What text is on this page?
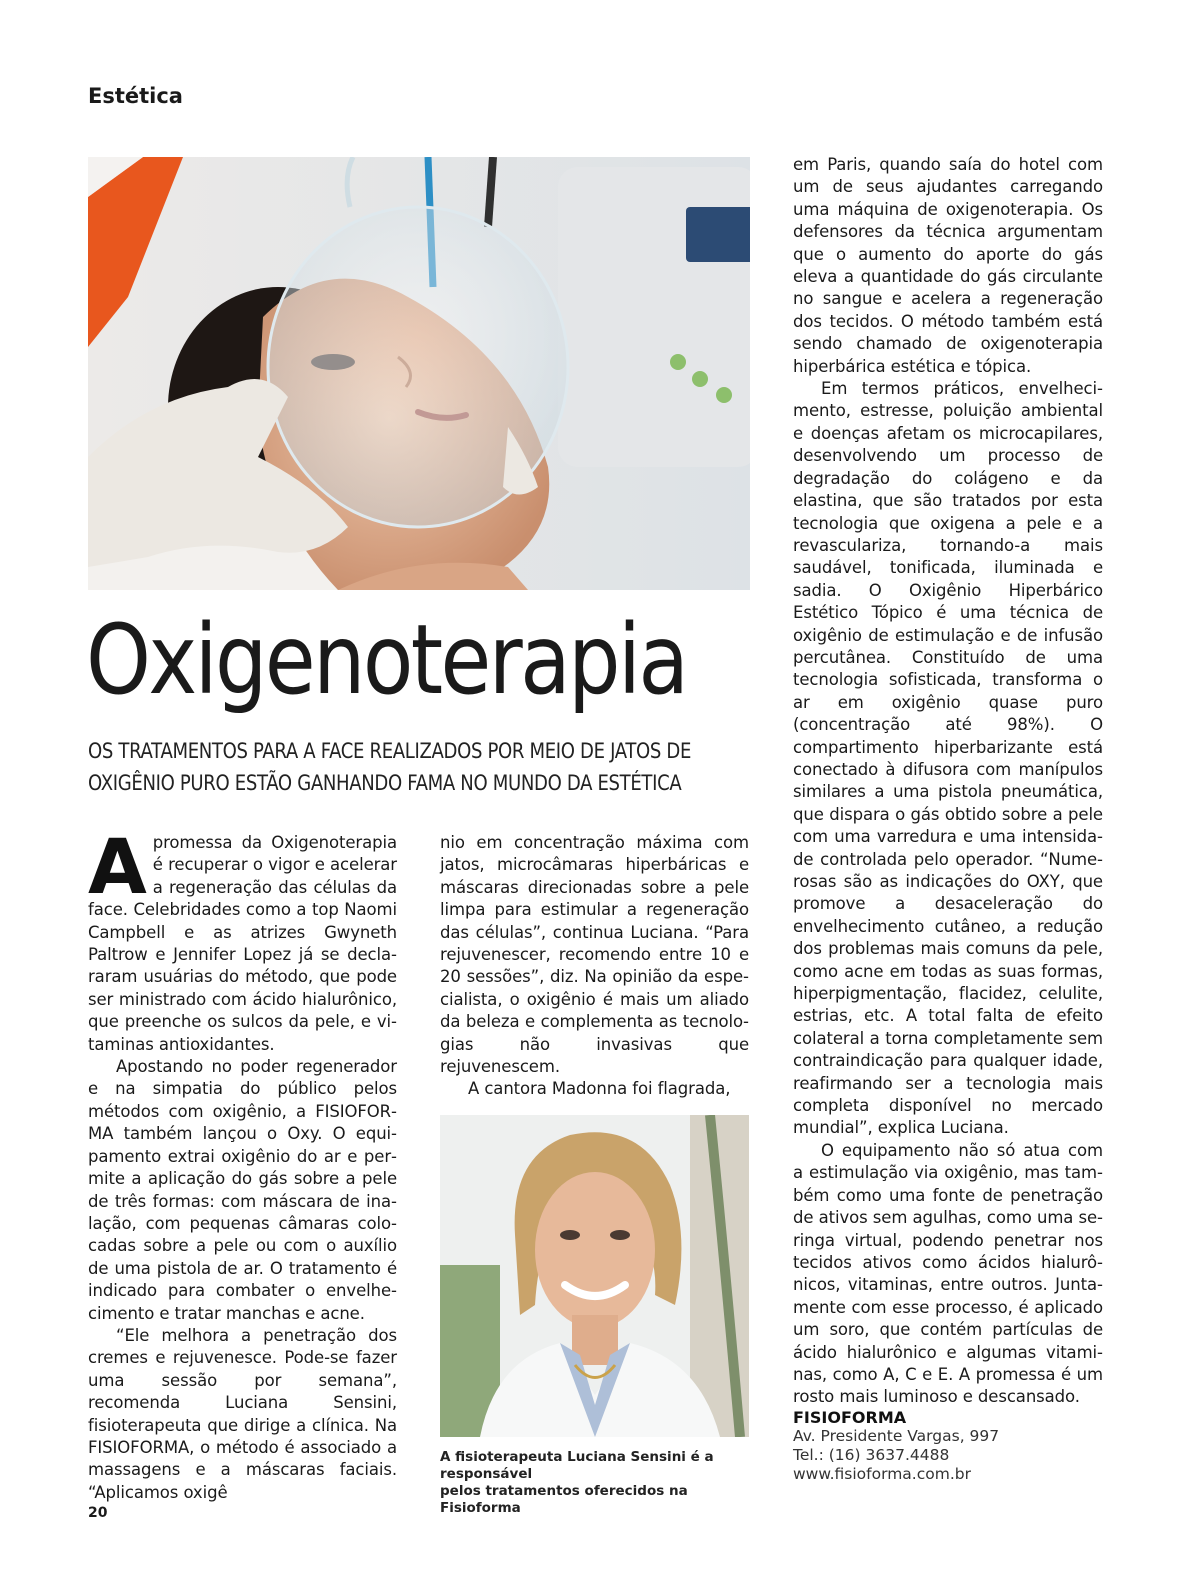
Estética
Oxigenoterapia
OS TRATAMENTOS PARA A FACE REALIZADOS POR MEIO DE JATOS DE
OXIGÊNIO PURO ESTÃO GANHANDO FAMA NO MUNDO DA ESTÉTICA

Apromessa da Oxigenoterapia é recuperar o vigor e acelerar a regeneração das células da face. Celebridades como a top Naomi Campbell e as atrizes Gwyneth Paltrow e Jennifer Lopez já se declararam usuárias do método, que pode ser ministrado com ácido hialurônico, que preenche os sulcos da pele, e vitaminas antioxidantes.

Apostando no poder regenerador e na simpatia do público pelos métodos com oxigênio, a FISIOFORMA também lançou o Oxy. O equipamento extrai oxigênio do ar e permite a aplicação do gás sobre a pele de três formas: com máscara de inalação, com pequenas câmaras colocadas sobre a pele ou com o auxílio de uma pistola de ar. O tratamento é indicado para combater o envelhecimento e tratar manchas e acne.

“Ele melhora a penetração dos cremes e rejuvenesce. Pode-se fazer uma sessão por semana”, recomenda Luciana Sensini, fisioterapeuta que dirige a clínica. Na FISIOFORMA, o método é associado a massagens e a máscaras faciais. “Aplicamos oxigê

nio em concentração máxima com jatos, microcâmaras hiperbáricas e máscaras direcionadas sobre a pele limpa para estimular a regeneração das células”, continua Luciana. “Para rejuvenescer, recomendo entre 10 e 20 sessões”, diz. Na opinião da especialista, o oxigênio é mais um aliado da beleza e complementa as tecnologias não invasivas que rejuvenescem.

A cantora Madonna foi flagrada,

A fisioterapeuta Luciana Sensini é a responsável
pelos tratamentos oferecidos na Fisioforma

em Paris, quando saía do hotel com um de seus ajudantes carregando uma máquina de oxigenoterapia. Os defensores da técnica argumentam que o aumento do aporte do gás eleva a quantidade do gás circulante no sangue e acelera a regeneração dos tecidos. O método também está sendo chamado de oxigenoterapia hiperbárica estética e tópica.

Em termos práticos, envelhecimento, estresse, poluição ambiental e doenças afetam os microcapilares, desenvolvendo um processo de degradação do colágeno e da elastina, que são tratados por esta tecnologia que oxigena a pele e a revasculariza, tornando-a mais saudável, tonificada, iluminada e sadia. O Oxigênio Hiperbárico Estético Tópico é uma técnica de oxigênio de estimulação e de infusão percutânea. Constituído de uma tecnologia sofisticada, transforma o ar em oxigênio quase puro (concentração até 98%). O compartimento hiperbarizante está conectado à difusora com manípulos similares a uma pistola pneumática, que dispara o gás obtido sobre a pele com uma varredura e uma intensidade controlada pelo operador. “Numerosas são as indicações do OXY, que promove a desaceleração do envelhecimento cutâneo, a redução dos problemas mais comuns da pele, como acne em todas as suas formas, hiperpigmentação, flacidez, celulite, estrias, etc. A total falta de efeito colateral a torna completamente sem contraindicação para qualquer idade, reafirmando ser a tecnologia mais completa disponível no mercado mundial”, explica Luciana.

O equipamento não só atua com a estimulação via oxigênio, mas também como uma fonte de penetração de ativos sem agulhas, como uma seringa virtual, podendo penetrar nos tecidos ativos como ácidos hialurônicos, vitaminas, entre outros. Juntamente com esse processo, é aplicado um soro, que contém partículas de ácido hialurônico e algumas vitaminas, como A, C e E. A promessa é um rosto mais luminoso e descansado.

FISIOFORMA
Av. Presidente Vargas, 997
Tel.: (16) 3637.4488
www.fisioforma.com.br
20
